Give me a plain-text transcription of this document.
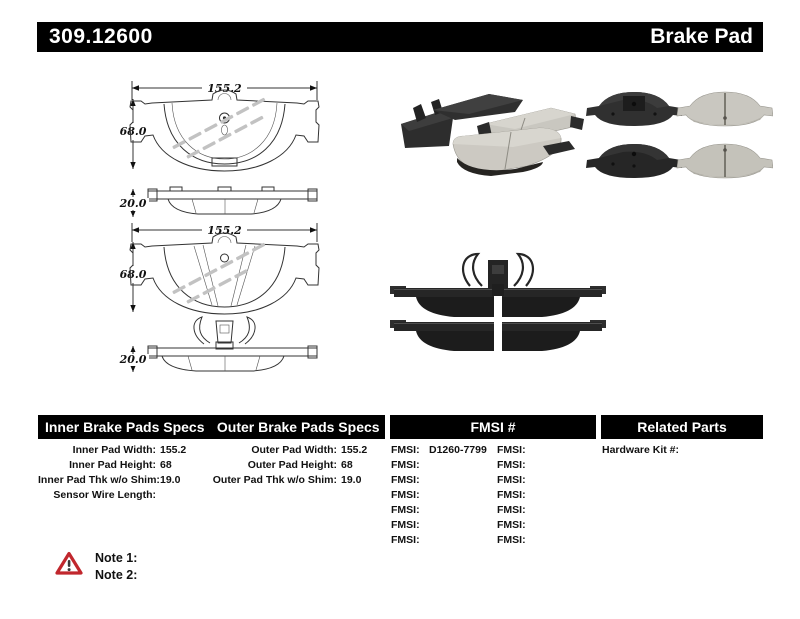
309.12600	Brake Pad
155.2
68.0
20.0
155.2
68.0
20.0
Inner Brake Pads Specs Outer Brake Pads Specs	FMSI #	Related Parts
Inner Pad Width: 155.2
Inner Pad Height: 68
Inner Pad Thk w/o Shim: 19.0
Sensor Wire Length:
Outer Pad Width: 155.2
Outer Pad Height: 68
Outer Pad Thk w/o Shim: 19.0
FMSI: D1260-7799
FMSI:
FMSI:
FMSI:
FMSI:
FMSI:
FMSI:
FMSI:
FMSI:
FMSI:
FMSI:
FMSI:
FMSI:
FMSI:
Hardware Kit #:
Note 1:
Note 2:
